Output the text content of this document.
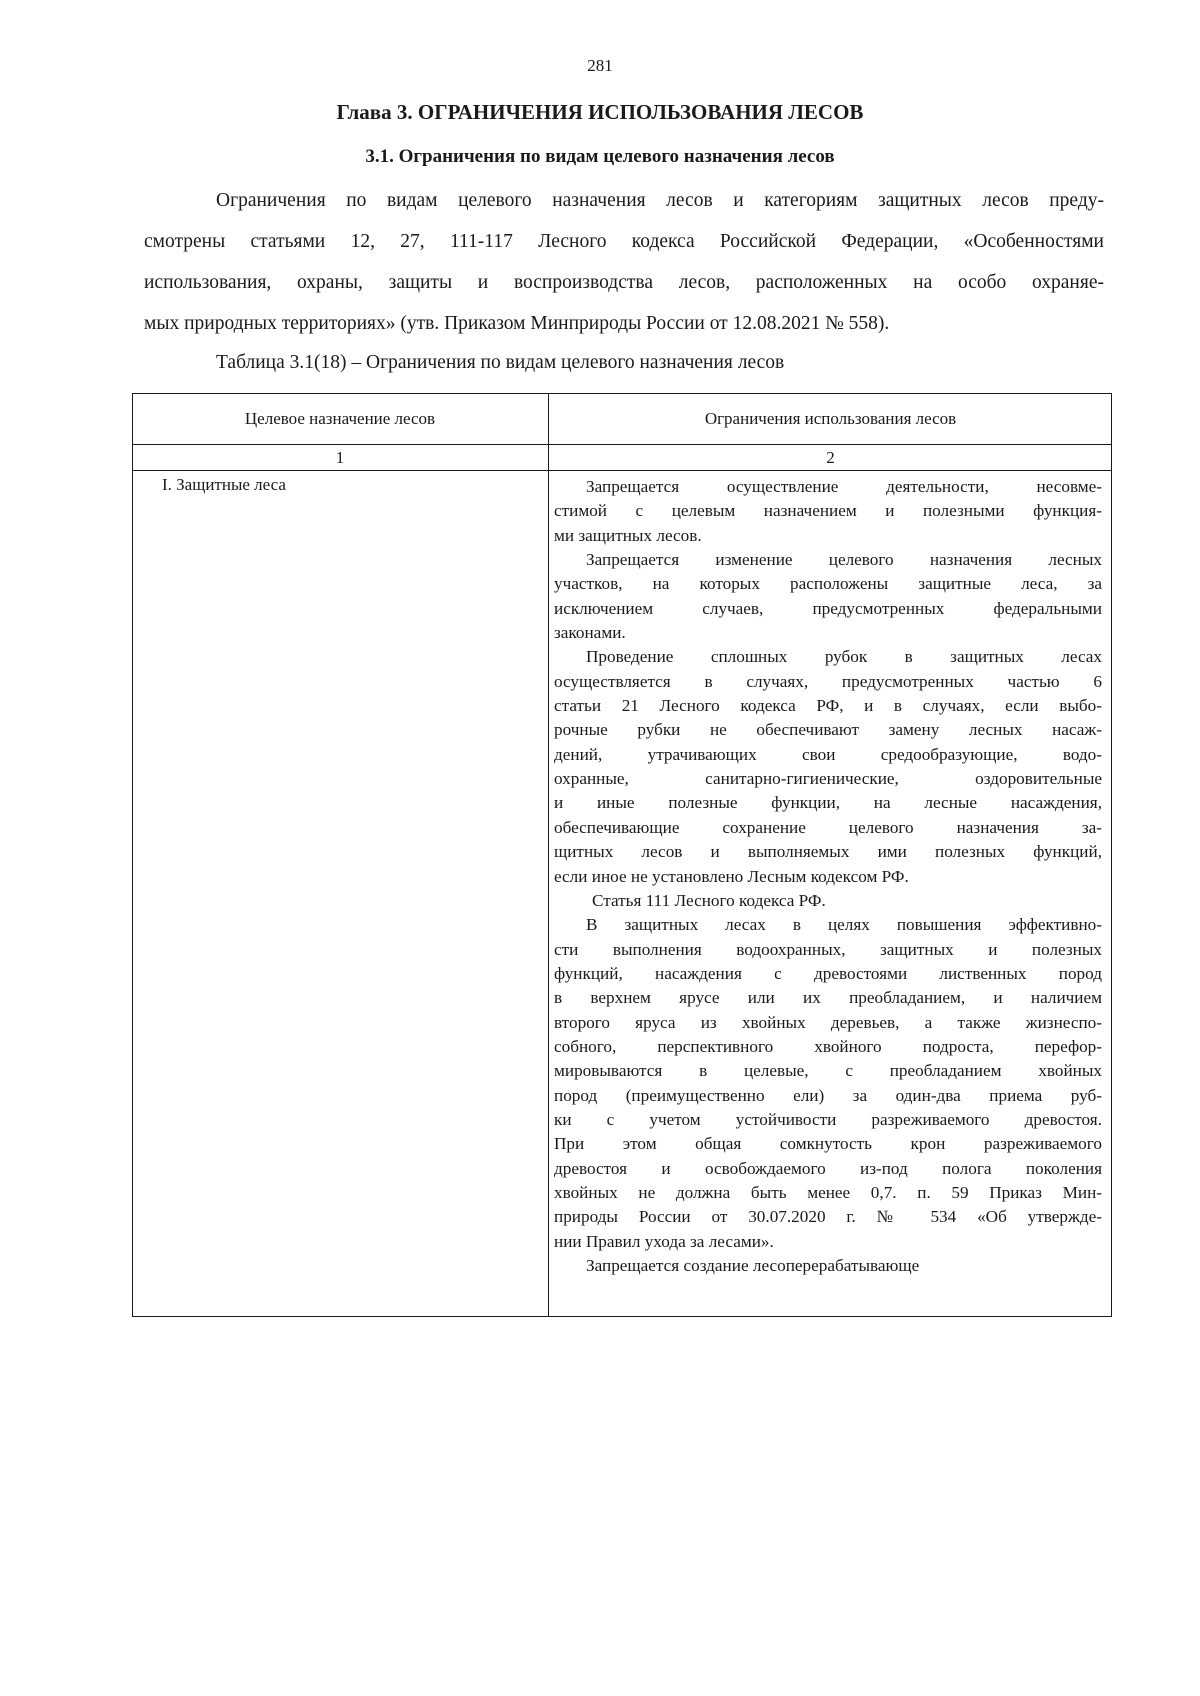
281
Глава 3. ОГРАНИЧЕНИЯ ИСПОЛЬЗОВАНИЯ ЛЕСОВ
3.1. Ограничения по видам целевого назначения лесов
Ограничения по видам целевого назначения лесов и категориям защитных лесов преду-
смотрены статьями 12, 27, 111-117 Лесного кодекса Российской Федерации, «Особенностями
использования, охраны, защиты и воспроизводства лесов, расположенных на особо охраняе-
мых природных территориях» (утв. Приказом Минприроды России от 12.08.2021 № 558).
Таблица 3.1(18) – Ограничения по видам целевого назначения лесов
Целевое назначение лесов	Ограничения использования лесов
1	2
I. Защитные леса	Запрещается осуществление деятельности, несовме-
стимой с целевым назначением и полезными функция-
ми защитных лесов.
Запрещается изменение целевого назначения лесных
участков, на которых расположены защитные леса, за
исключением случаев, предусмотренных федеральными
законами.
Проведение сплошных рубок в защитных лесах
осуществляется в случаях, предусмотренных частью 6
статьи 21 Лесного кодекса РФ, и в случаях, если выбо-
рочные рубки не обеспечивают замену лесных насаж-
дений, утрачивающих свои средообразующие, водо-
охранные, санитарно-гигиенические, оздоровительные
и иные полезные функции, на лесные насаждения,
обеспечивающие сохранение целевого назначения за-
щитных лесов и выполняемых ими полезных функций,
если иное не установлено Лесным кодексом РФ.
Статья 111 Лесного кодекса РФ.
В защитных лесах в целях повышения эффективно-
сти выполнения водоохранных, защитных и полезных
функций, насаждения с древостоями лиственных пород
в верхнем ярусе или их преобладанием, и наличием
второго яруса из хвойных деревьев, а также жизнеспо-
собного, перспективного хвойного подроста, перефор-
мировываются в целевые, с преобладанием хвойных
пород (преимущественно ели) за один-два приема руб-
ки с учетом устойчивости разреживаемого древостоя.
При этом общая сомкнутость крон разреживаемого
древостоя и освобождаемого из-под полога поколения
хвойных не должна быть менее 0,7. п. 59 Приказ Мин-
природы России от 30.07.2020 г. № 534 «Об утвержде-
нии Правил ухода за лесами».
Запрещается создание лесоперерабатывающе
